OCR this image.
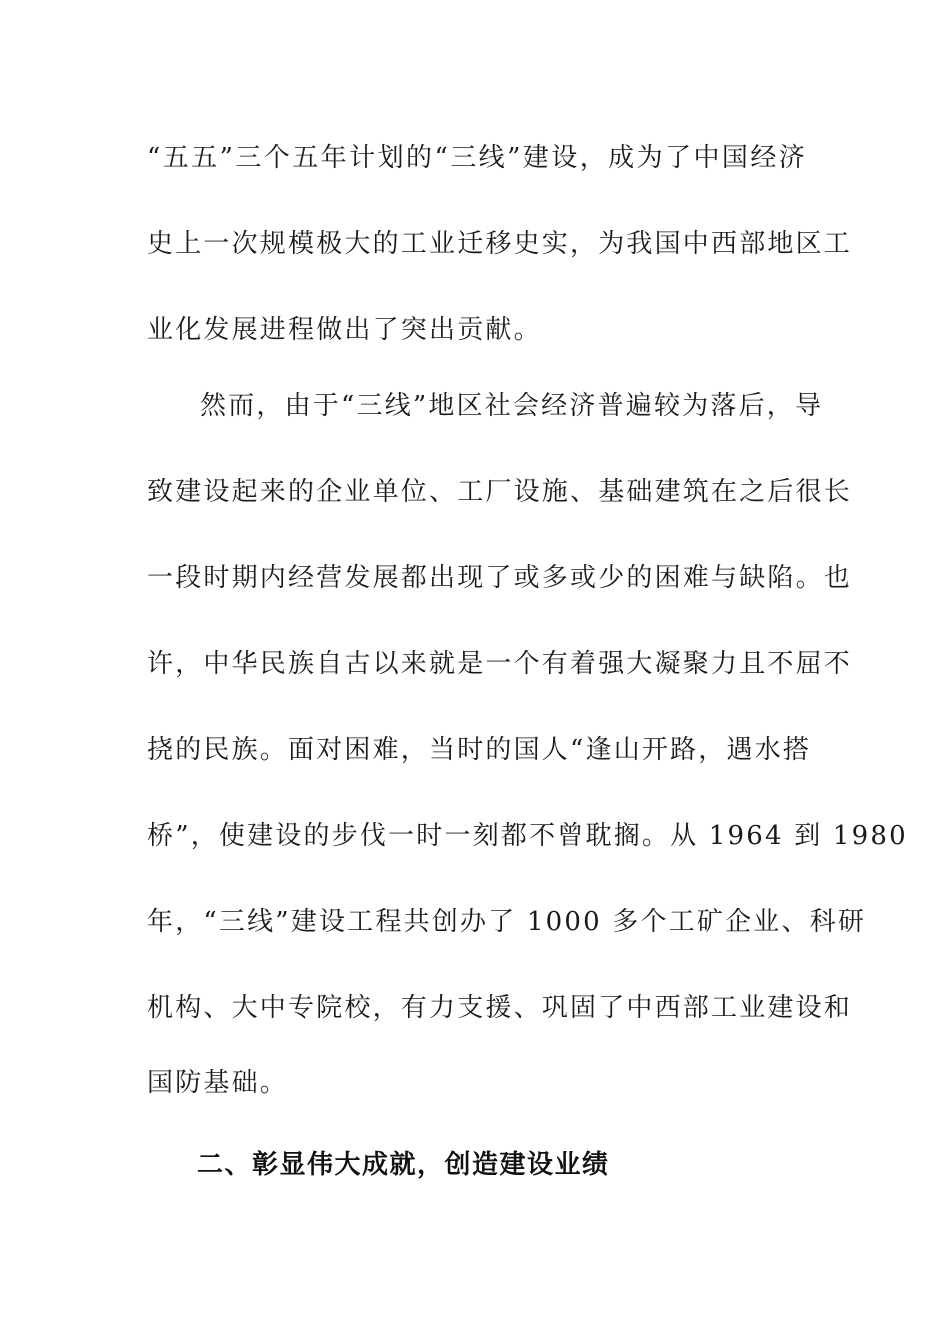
“五五”三个五年计划的“三线”建设，成为了中国经济
史上一次规模极大的工业迁移史实，为我国中西部地区工
业化发展进程做出了突出贡献。
然而，由于“三线”地区社会经济普遍较为落后，导
致建设起来的企业单位、工厂设施、基础建筑在之后很长
一段时期内经营发展都出现了或多或少的困难与缺陷。也
许，中华民族自古以来就是一个有着强大凝聚力且不屈不
挠的民族。面对困难，当时的国人“逢山开路，遇水搭
桥”，使建设的步伐一时一刻都不曾耽搁。从 1964 到 1980
年，“三线”建设工程共创办了 1000 多个工矿企业、科研
机构、大中专院校，有力支援、巩固了中西部工业建设和
国防基础。
二、彰显伟大成就，创造建设业绩
